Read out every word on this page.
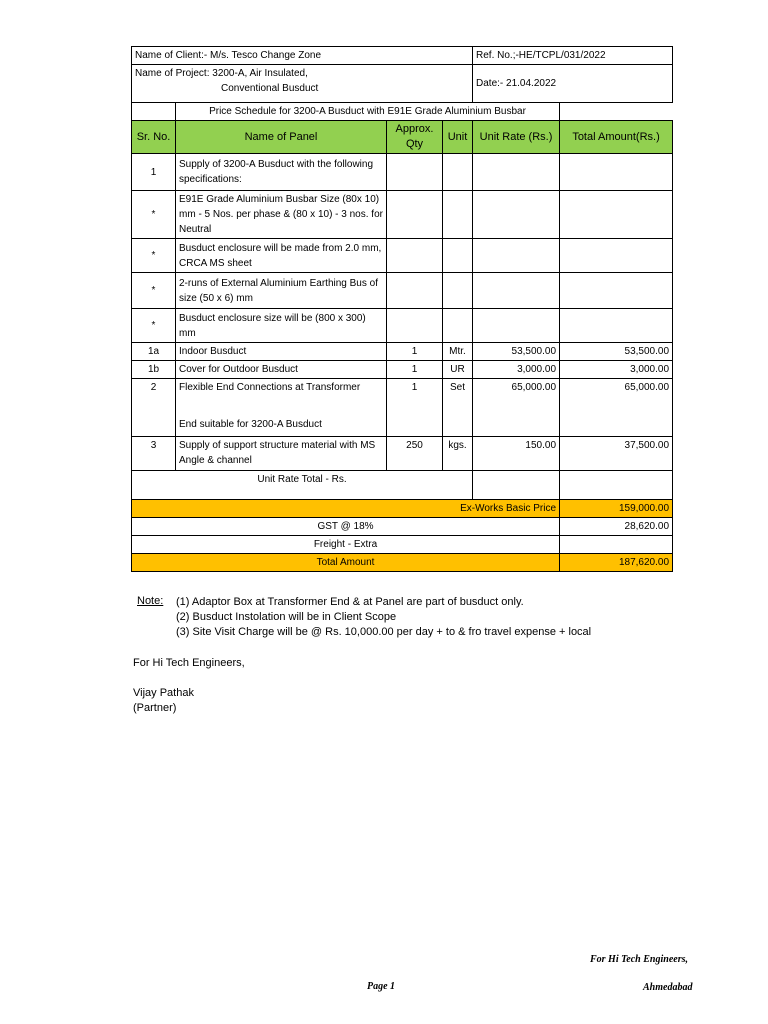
Name of Client:- M/s. Tesco Change Zone				Ref. No.;-HE/TCPL/031/2022	

Name of Project: 3200-A, Air Insulated,
Conventional Busduct				Date:- 21.04.2022	
	Price Schedule for 3200-A Busduct with E91E Grade Aluminium Busbar				
Sr. No.	Name of Panel	Approx. Qty	Unit	Unit Rate (Rs.)	Total Amount(Rs.)
1	Supply of 3200-A Busduct with the following specifications:				
*	E91E Grade Aluminium Busbar Size (80x 10) mm - 5 Nos. per phase & (80 x 10) - 3 nos. for Neutral				
*	Busduct enclosure will be made from 2.0 mm, CRCA MS sheet				
*	2-runs of External Aluminium Earthing Bus of size (50 x 6) mm				
*	Busduct enclosure size will be (800 x 300) mm				
1a	Indoor Busduct	1	Mtr.	53,500.00	53,500.00
1b	Cover for Outdoor Busduct	1	UR	3,000.00	3,000.00
2	Flexible End Connections at Transformer
End suitable for 3200-A Busduct	1	Set	65,000.00	65,000.00
3	Supply of support structure material with MS Angle & channel	250	kgs.	150.00	37,500.00
Unit Rate Total - Rs.					
Ex-Works Basic Price					159,000.00
GST @ 18%					28,620.00
Freight - Extra					
Total Amount					187,620.00
Note: (1) Adaptor Box at Transformer End & at Panel are part of busduct only.
(2) Busduct Instolation will be in Client Scope
(3) Site Visit Charge will be @ Rs. 10,000.00 per day + to & fro travel expense + local
For Hi Tech Engineers,
Vijay Pathak
(Partner)
For Hi Tech Engineers,
Page 1	Ahmedabad
